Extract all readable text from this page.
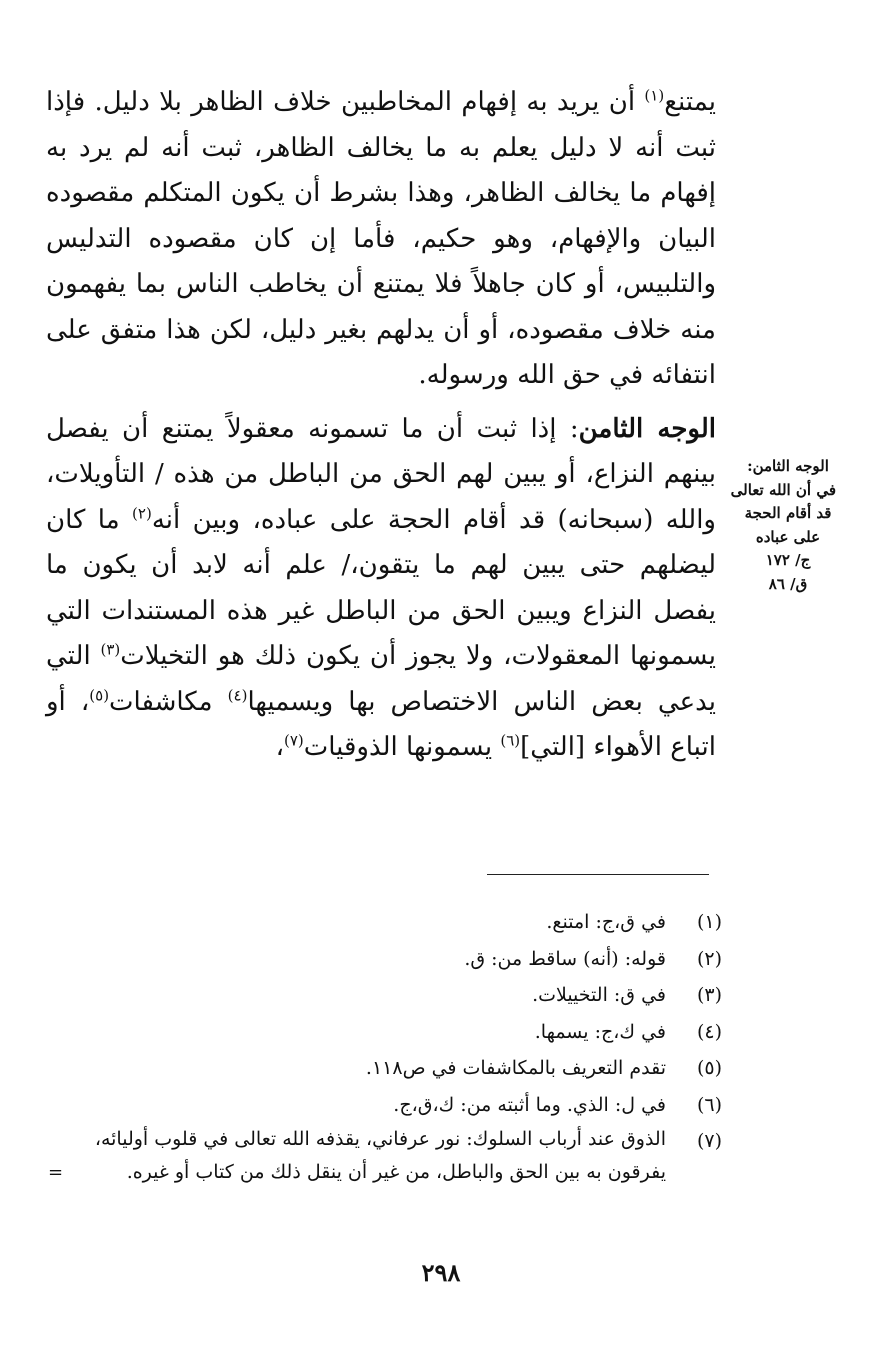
يمتنع$^{(١)}$ أن يريد به إفهام المخاطبين خلاف الظاهر بلا دليل. فإذا ثبت أنه لا دليل يعلم به ما يخالف الظاهر، ثبت أنه لم يرد به إفهام ما يخالف الظاهر، وهذا بشرط أن يكون المتكلم مقصوده البيان والإفهام، وهو حكيم، فأما إن كان مقصوده التدليس والتلبيس، أو كان جاهلاً فلا يمتنع أن يخاطب الناس بما يفهمون منه خلاف مقصوده، أو أن يدلهم بغير دليل، لكن هذا متفق على انتفائه في حق الله ورسوله.

الوجه الثامن: إذا ثبت أن ما تسمونه معقولاً يمتنع أن يفصل بينهم النزاع، أو يبين لهم الحق من الباطل من هذه / التأويلات، والله (سبحانه) قد أقام الحجة على عباده، وبين أنه$^{(٢)}$ ما كان ليضلهم حتى يبين لهم ما يتقون،/ علم أنه لابد أن يكون ما يفصل النزاع ويبين الحق من الباطل غير هذه المستندات التي يسمونها المعقولات، ولا يجوز أن يكون ذلك هو التخيلات$^{(٣)}$ التي يدعي بعض الناس الاختصاص بها ويسميها$^{(٤)}$ مكاشفات$^{(٥)}$، أو اتباع الأهواء [التي]$^{(٦)}$ يسمونها الذوقيات$^{(٧)}$،

الوجه الثامن:
في أن الله تعالى
قد أقام الحجة
على عباده
ج/ ١٧٢
ق/ ٨٦
(١)
في ق،ج: امتنع.
(٢)
قوله: (أنه) ساقط من: ق.
(٣)
في ق: التخييلات.
(٤)
في ك،ج: يسمها.
(٥)
تقدم التعريف بالمكاشفات في ص١١٨.
(٦)
في ل: الذي. وما أثبته من: ك،ق،ج.
(٧)
الذوق عند أرباب السلوك: نور عرفاني، يقذفه الله تعالى في قلوب أوليائه،
يفرقون به بين الحق والباطل، من غير أن ينقل ذلك من كتاب أو غيره.
=
٢٩٨
